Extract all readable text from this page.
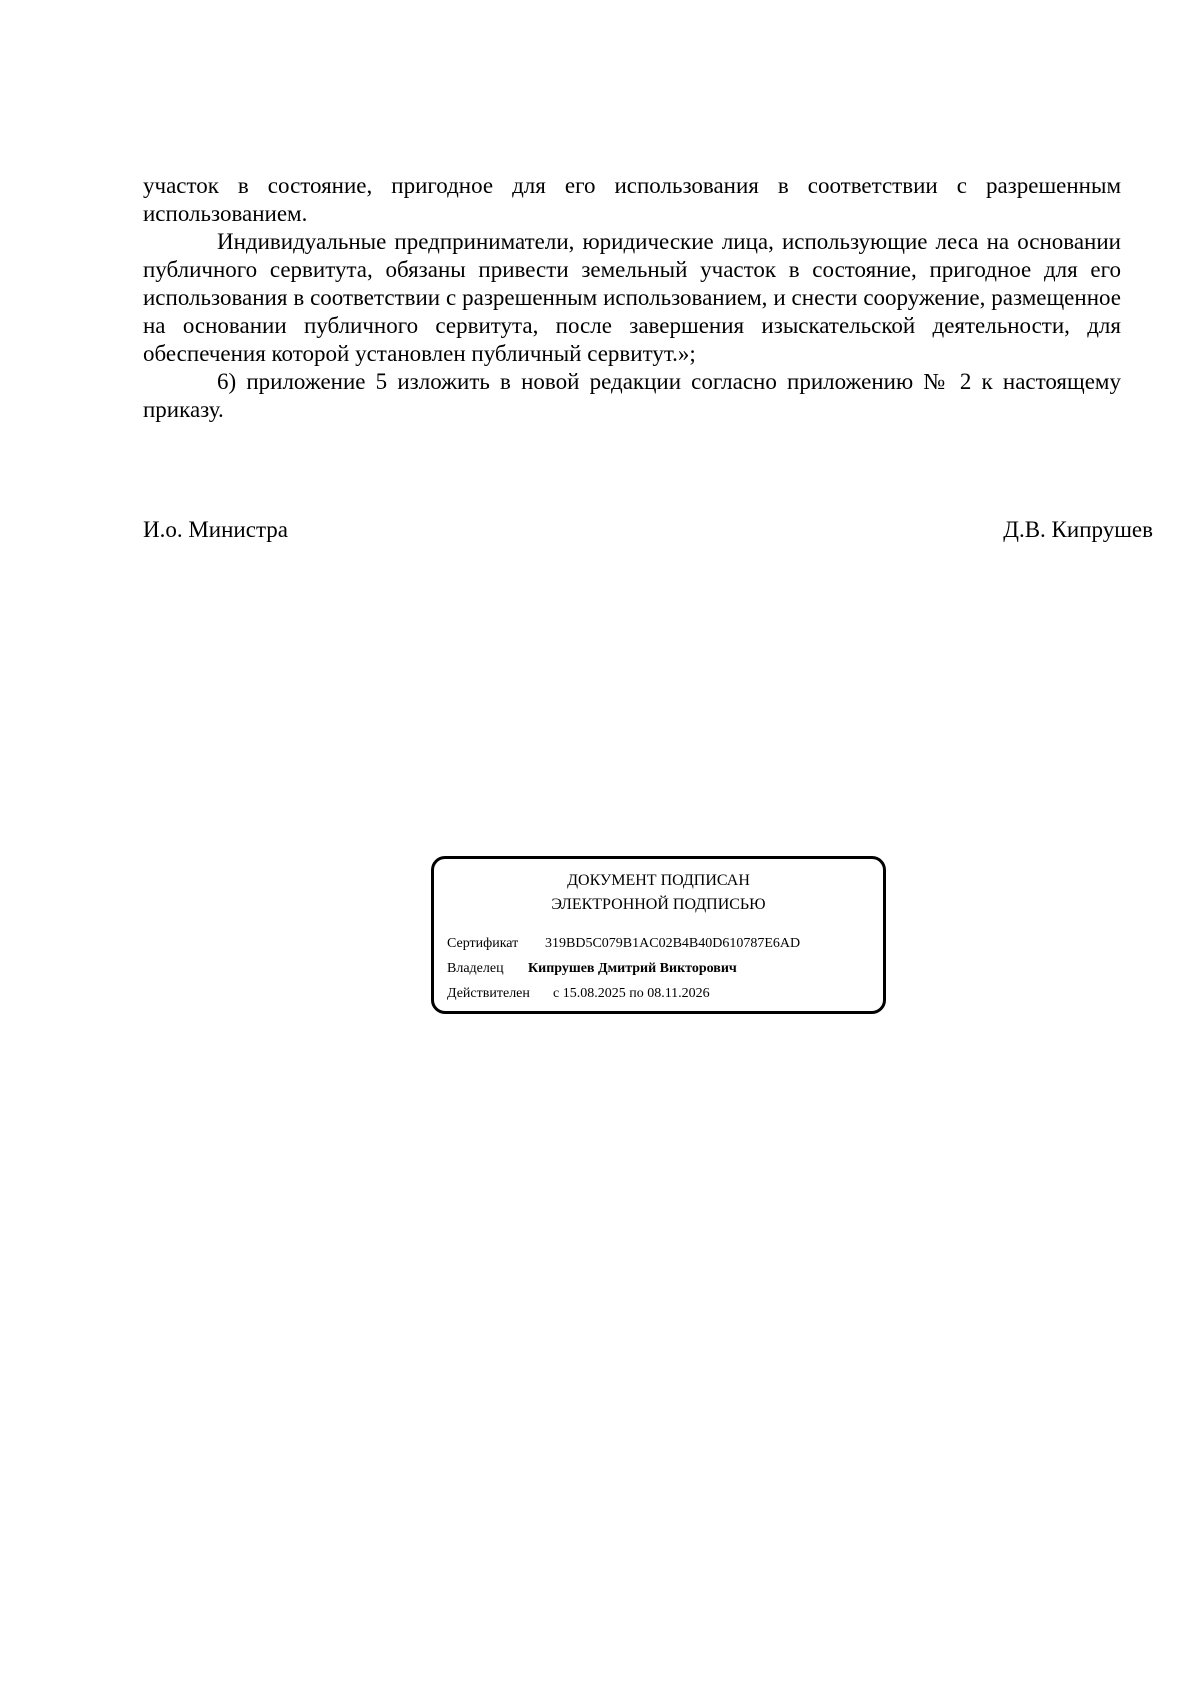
участок в состояние, пригодное для его использования в соответствии с разрешенным использованием.

Индивидуальные предприниматели, юридические лица, использующие леса на основании публичного сервитута, обязаны привести земельный участок в состояние, пригодное для его использования в соответствии с разрешенным использованием, и снести сооружение, размещенное на основании публичного сервитута, после завершения изыскательской деятельности, для обеспечения которой установлен публичный сервитут.»;

6) приложение 5 изложить в новой редакции согласно приложению № 2 к настоящему приказу.

И.о. Министра	Д.В. Кипрушев
ДОКУМЕНТ ПОДПИСАН
ЭЛЕКТРОННОЙ ПОДПИСЬЮ
Сертификат 319BD5C079B1AC02B4B40D610787E6AD
Владелец Кипрушев Дмитрий Викторович
Действителен с 15.08.2025 по 08.11.2026
